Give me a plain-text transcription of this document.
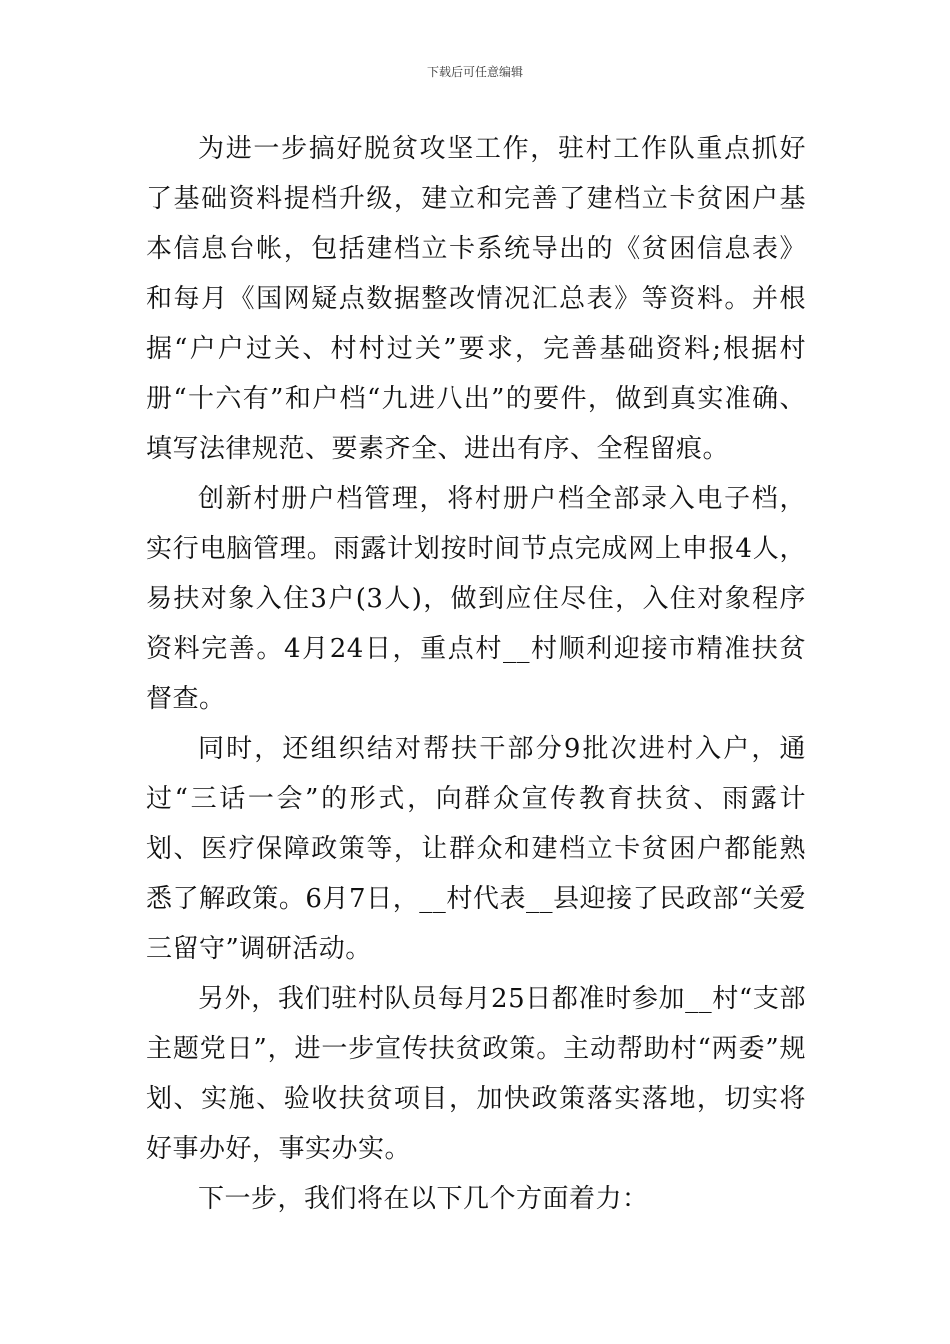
下载后可任意编辑

为进一步搞好脱贫攻坚工作，驻村工作队重点抓好了基础资料提档升级，建立和完善了建档立卡贫困户基本信息台帐，包括建档立卡系统导出的《贫困信息表》和每月《国网疑点数据整改情况汇总表》等资料。并根据“户户过关、村村过关”要求，完善基础资料;根据村册“十六有”和户档“九进八出”的要件，做到真实准确、填写法律规范、要素齐全、进出有序、全程留痕。

创新村册户档管理，将村册户档全部录入电子档，实行电脑管理。雨露计划按时间节点完成网上申报4人，易扶对象入住3户(3人)，做到应住尽住，入住对象程序资料完善。4月24日，重点村__村顺利迎接市精准扶贫督查。

同时，还组织结对帮扶干部分9批次进村入户，通过“三话一会”的形式，向群众宣传教育扶贫、雨露计划、医疗保障政策等，让群众和建档立卡贫困户都能熟悉了解政策。6月7日，__村代表__县迎接了民政部“关爱三留守”调研活动。

另外，我们驻村队员每月25日都准时参加__村“支部主题党日”，进一步宣传扶贫政策。主动帮助村“两委”规划、实施、验收扶贫项目，加快政策落实落地，切实将好事办好，事实办实。

下一步，我们将在以下几个方面着力：
